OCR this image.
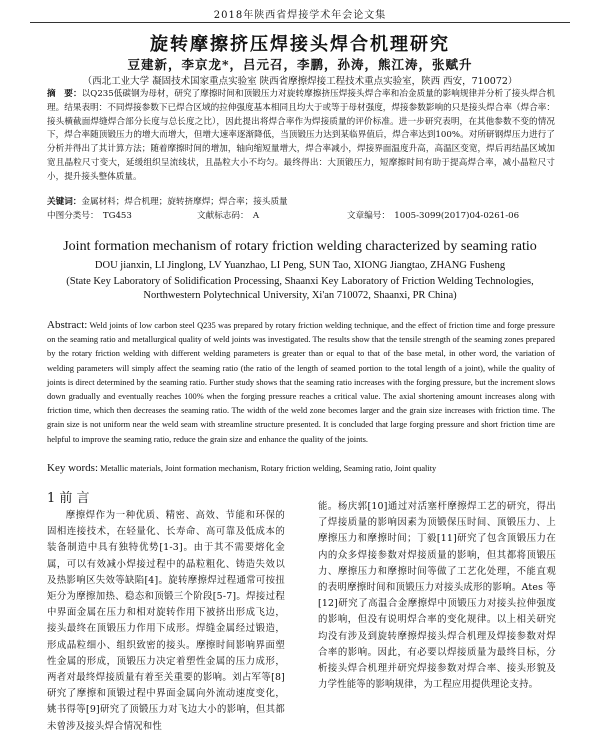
2018年陕西省焊接学术年会论文集
旋转摩擦挤压焊接头焊合机理研究
豆建新，李京龙*，吕元召，李鹏，孙涛，熊江涛，张赋升
（西北工业大学 凝固技术国家重点实验室 陕西省摩擦焊接工程技术重点实验室，陕西 西安，710072）
摘　要：以Q235低碳钢为母材，研究了摩擦时间和顶锻压力对旋转摩擦挤压焊接头焊合率和冶金质量的影响规律并分析了接头焊合机理。结果表明：不同焊接参数下已焊合区域的拉伸强度基本相同且均大于或等于母材强度，焊接参数影响的只是接头焊合率（焊合率：接头横截面焊缝焊合部分长度与总长度之比），因此提出将焊合率作为焊接质量的评价标准。进一步研究表明，在其他参数不变的情况下，焊合率随顶锻压力的增大而增大，但增大速率逐渐降低，当顶锻压力达到某临界值后，焊合率达到100%。对所研钢焊压力进行了分析并得出了其计算方法；随着摩擦时间的增加，轴向缩短量增大，焊合率减小，焊接界面温度升高，高温区变宽，焊后再结晶区域加宽且晶粒尺寸变大，延缓组织呈流线状，且晶粒大小不均匀。最终得出：大顶锻压力，短摩擦时间有助于提高焊合率，减小晶粒尺寸小，提升接头整体质量。
关键词：金属材料；焊合机理；旋转挤摩焊；焊合率；接头质量
中图分类号：　TG453	文献标志码：　A	文章编号：　1005-3099(2017)04-0261-06
Joint formation mechanism of rotary friction welding characterized by seaming ratio
DOU jianxin, LI Jinglong, LV Yuanzhao, LI Peng, SUN Tao, XIONG Jiangtao, ZHANG Fusheng
(State Key Laboratory of Solidification Processing, Shaanxi Key Laboratory of Friction Welding Technologies, Northwestern Polytechnical University, Xi'an 710072, Shaanxi, PR China)
Abstract: Weld joints of low carbon steel Q235 was prepared by rotary friction welding technique, and the effect of friction time and forge pressure on the seaming ratio and metallurgical quality of weld joints was investigated. The results show that the tensile strength of the seaming zones prepared by the rotary friction welding with different welding parameters is greater than or equal to that of the base metal, in other word, the variation of welding parameters will simply affect the seaming ratio (the ratio of the length of seamed portion to the total length of a joint), while the quality of joints is direct determined by the seaming ratio. Further study shows that the seaming ratio increases with the forging pressure, but the increment slows down gradually and eventually reaches 100% when the forging pressure reaches a critical value. The axial shortening amount increases along with friction time, which then decreases the seaming ratio. The width of the weld zone becomes larger and the grain size increases with friction time. The grain size is not uniform near the weld seam with streamline structure presented. It is concluded that large forging pressure and short friction time are helpful to improve the seaming ratio, reduce the grain size and enhance the quality of the joints.
Key words: Metallic materials, Joint formation mechanism, Rotary friction welding, Seaming ratio, Joint quality
1 前 言
摩擦焊作为一种优质、精密、高效、节能和环保的固相连接技术，在轻量化、长寿命、高可靠及低成本的装备制造中具有独特优势[1-3]。由于其不需要熔化金属，可以有效减小焊接过程中的晶粒粗化、铸造失效以及热影响区失效等缺陷[4]。旋转摩擦焊过程通常可按扭矩分为摩擦加热、稳态和顶锻三个阶段[5-7]。焊接过程中界面金属在压力和相对旋转作用下被挤出形成飞边，接头最终在顶锻压力作用下成形。焊缝金属经过锻造，形成晶粒细小、组织致密的接头。摩擦时间影响界面塑性金属的形成，顶锻压力决定着塑性金属的压力成形，两者对最终焊接质量有着至关重要的影响。刘占军等[8]研究了摩擦和顶锻过程中界面金属向外流动速度变化，姚书得等[9]研究了顶锻压力对飞边大小的影响，但其都未曾涉及接头焊合情况和性
能。杨庆郭[10]通过对活塞杆摩擦焊工艺的研究，得出了焊接质量的影响因素为顶锻保压时间、顶锻压力、上摩擦压力和摩擦时间；丁毅[11]研究了包含顶锻压力在内的众多焊接参数对焊接质量的影响，但其都将顶锻压力、摩擦压力和摩擦时间等做了工艺化处理，不能直观的表明摩擦时间和顶锻压力对接头成形的影响。Ates 等[12]研究了高温合金摩擦焊中顶锻压力对接头拉伸强度的影响，但没有说明焊合率的变化规律。以上相关研究均没有涉及到旋转摩擦焊接头焊合机理及焊接参数对焊合率的影响。因此，有必要以焊接质量为最终目标，分析接头焊合机理并研究焊接参数对焊合率、接头形貌及力学性能等的影响规律，为工程应用提供理论支持。
